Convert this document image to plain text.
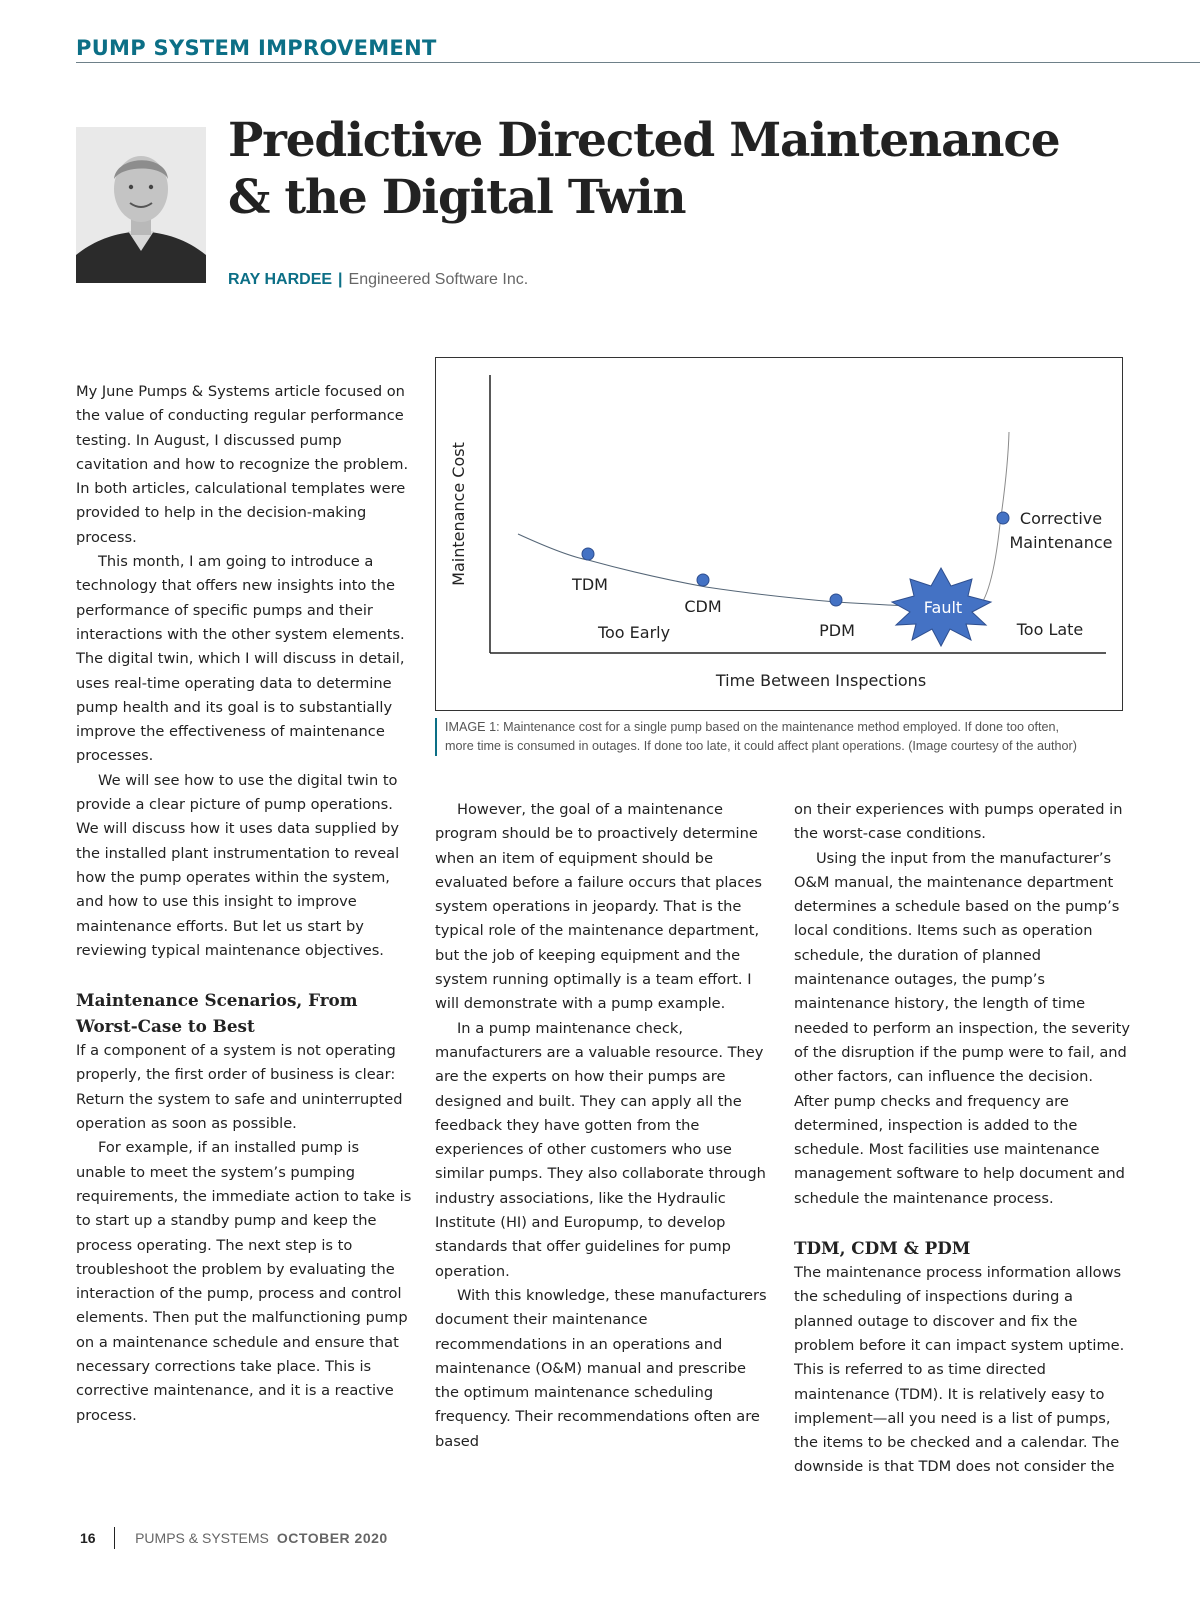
PUMP SYSTEM IMPROVEMENT
Predictive Directed Maintenance
& the Digital Twin
RAY HARDEE | Engineered Software Inc.

My June Pumps & Systems article focused on the value of conducting regular performance testing. In August, I discussed pump cavitation and how to recognize the problem. In both articles, calculational templates were provided to help in the decision-making process.

This month, I am going to introduce a technology that offers new insights into the performance of specific pumps and their interactions with the other system elements. The digital twin, which I will discuss in detail, uses real-time operating data to determine pump health and its goal is to substantially improve the effectiveness of maintenance processes.

We will see how to use the digital twin to provide a clear picture of pump operations. We will discuss how it uses data supplied by the installed plant instrumentation to reveal how the pump operates within the system, and how to use this insight to improve maintenance efforts. But let us start by reviewing typical maintenance objectives.

Maintenance Scenarios, From Worst-Case to Best

If a component of a system is not operating properly, the first order of business is clear: Return the system to safe and uninterrupted operation as soon as possible.

For example, if an installed pump is unable to meet the system’s pumping requirements, the immediate action to take is to start up a standby pump and keep the process operating. The next step is to troubleshoot the problem by evaluating the interaction of the pump, process and control elements. Then put the malfunctioning pump on a maintenance schedule and ensure that necessary corrections take place. This is corrective maintenance, and it is a reactive process.

Maintenance Cost
Time Between Inspections
Fault
TDM
CDM
PDM
Too Early	Too Late
Corrective
Maintenance
IMAGE 1: Maintenance cost for a single pump based on the maintenance method employed. If done too often, more time is consumed in outages. If done too late, it could affect plant operations. (Image courtesy of the author)

However, the goal of a maintenance program should be to proactively determine when an item of equipment should be evaluated before a failure occurs that places system operations in jeopardy. That is the typical role of the maintenance department, but the job of keeping equipment and the system running optimally is a team effort. I will demonstrate with a pump example.

In a pump maintenance check, manufacturers are a valuable resource. They are the experts on how their pumps are designed and built. They can apply all the feedback they have gotten from the experiences of other customers who use similar pumps. They also collaborate through industry associations, like the Hydraulic Institute (HI) and Europump, to develop standards that offer guidelines for pump operation.

With this knowledge, these manufacturers document their maintenance recommendations in an operations and maintenance (O&M) manual and prescribe the optimum maintenance scheduling frequency. Their recommendations often are based

on their experiences with pumps operated in the worst-case conditions.

Using the input from the manufacturer’s O&M manual, the maintenance department determines a schedule based on the pump’s local conditions. Items such as operation schedule, the duration of planned maintenance outages, the pump’s maintenance history, the length of time needed to perform an inspection, the severity of the disruption if the pump were to fail, and other factors, can influence the decision. After pump checks and frequency are determined, inspection is added to the schedule. Most facilities use maintenance management software to help document and schedule the maintenance process.

TDM, CDM & PDM

The maintenance process information allows the scheduling of inspections during a planned outage to discover and fix the problem before it can impact system uptime. This is referred to as time directed maintenance (TDM). It is relatively easy to implement—all you need is a list of pumps, the items to be checked and a calendar. The downside is that TDM does not consider the

16	PUMPS & SYSTEMS OCTOBER 2020
